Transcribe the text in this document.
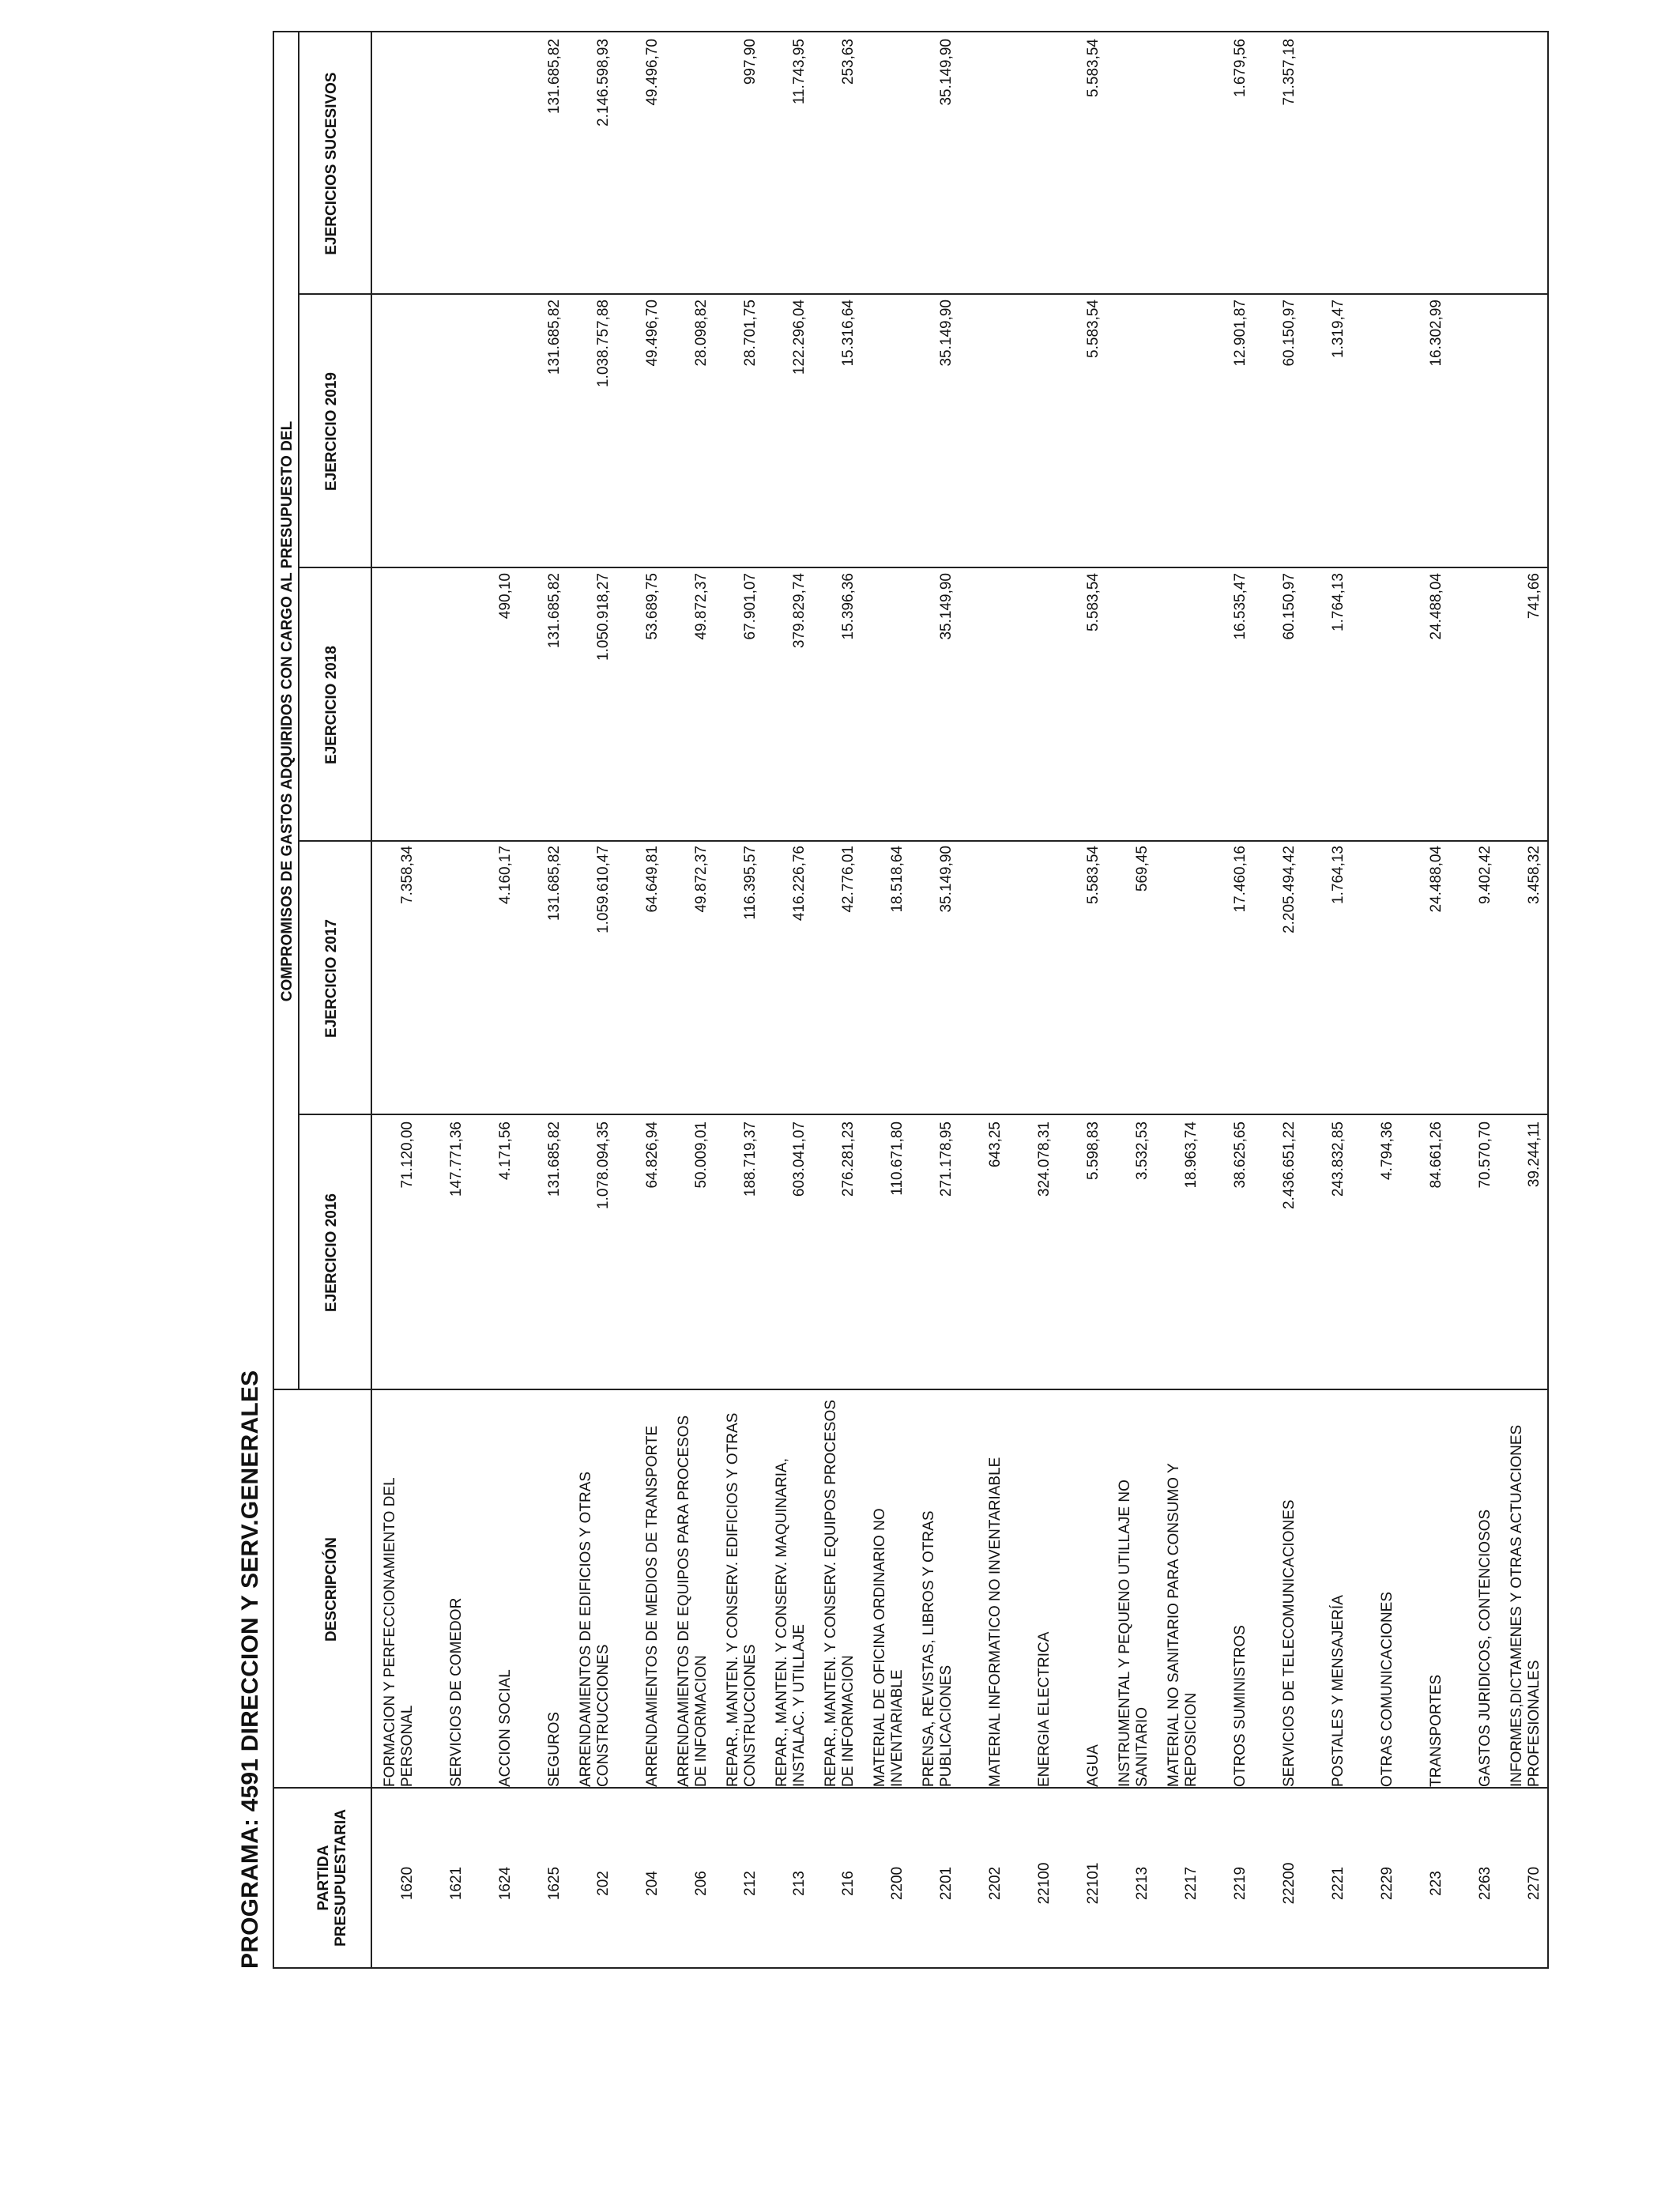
PROGRAMA: 4591 DIRECCION Y SERV.GENERALES	PARTIDA PRESUPUESTARIA
DESCRIPCIÓN
COMPROMISOS DE GASTOS ADQUIRIDOS CON CARGO AL PRESUPUESTO DEL
EJERCICIO 2016
EJERCICIO 2017
EJERCICIO 2018
EJERCICIO 2019
EJERCICIOS SUCESIVOS
1620
FORMACION Y PERFECCIONAMIENTO DEL PERSONAL
71.120,00
7.358,34
1621
SERVICIOS DE COMEDOR
147.771,36
1624
ACCION SOCIAL
4.171,56
4.160,17
490,10
1625
SEGUROS
131.685,82
131.685,82
131.685,82
131.685,82
131.685,82
202
ARRENDAMIENTOS DE EDIFICIOS Y OTRAS CONSTRUCCIONES
1.078.094,35
1.059.610,47
1.050.918,27
1.038.757,88
2.146.598,93
204
ARRENDAMIENTOS DE MEDIOS DE TRANSPORTE
64.826,94
64.649,81
53.689,75
49.496,70
49.496,70
206
ARRENDAMIENTOS DE EQUIPOS PARA PROCESOS DE INFORMACION
50.009,01
49.872,37
49.872,37
28.098,82
212
REPAR., MANTEN. Y CONSERV. EDIFICIOS Y OTRAS CONSTRUCCIONES
188.719,37
116.395,57
67.901,07
28.701,75
997,90
213
REPAR., MANTEN. Y CONSERV. MAQUINARIA, INSTALAC. Y UTILLAJE
603.041,07
416.226,76
379.829,74
122.296,04
11.743,95
216
REPAR., MANTEN. Y CONSERV. EQUIPOS PROCESOS DE INFORMACION
276.281,23
42.776,01
15.396,36
15.316,64
253,63
2200
MATERIAL DE OFICINA ORDINARIO NO INVENTARIABLE
110.671,80
18.518,64
2201
PRENSA, REVISTAS, LIBROS Y OTRAS PUBLICACIONES
271.178,95
35.149,90
35.149,90
35.149,90
35.149,90
2202
MATERIAL INFORMATICO NO INVENTARIABLE
643,25
22100
ENERGIA ELECTRICA
324.078,31
22101
AGUA
5.598,83
5.583,54
5.583,54
5.583,54
5.583,54
2213
INSTRUMENTAL Y PEQUENO UTILLAJE NO SANITARIO
3.532,53
569,45
2217
MATERIAL NO SANITARIO PARA CONSUMO Y REPOSICION
18.963,74
2219
OTROS SUMINISTROS
38.625,65
17.460,16
16.535,47
12.901,87
1.679,56
22200
SERVICIOS DE TELECOMUNICACIONES
2.436.651,22
2.205.494,42
60.150,97
60.150,97
71.357,18
2221
POSTALES Y MENSAJERÍA
243.832,85
1.764,13
1.764,13
1.319,47
2229
OTRAS COMUNICACIONES
4.794,36
223
TRANSPORTES
84.661,26
24.488,04
24.488,04
16.302,99
2263
GASTOS JURIDICOS, CONTENCIOSOS
70.570,70
9.402,42
2270
INFORMES,DICTAMENES Y OTRAS ACTUACIONES PROFESIONALES
39.244,11
3.458,32
741,66
